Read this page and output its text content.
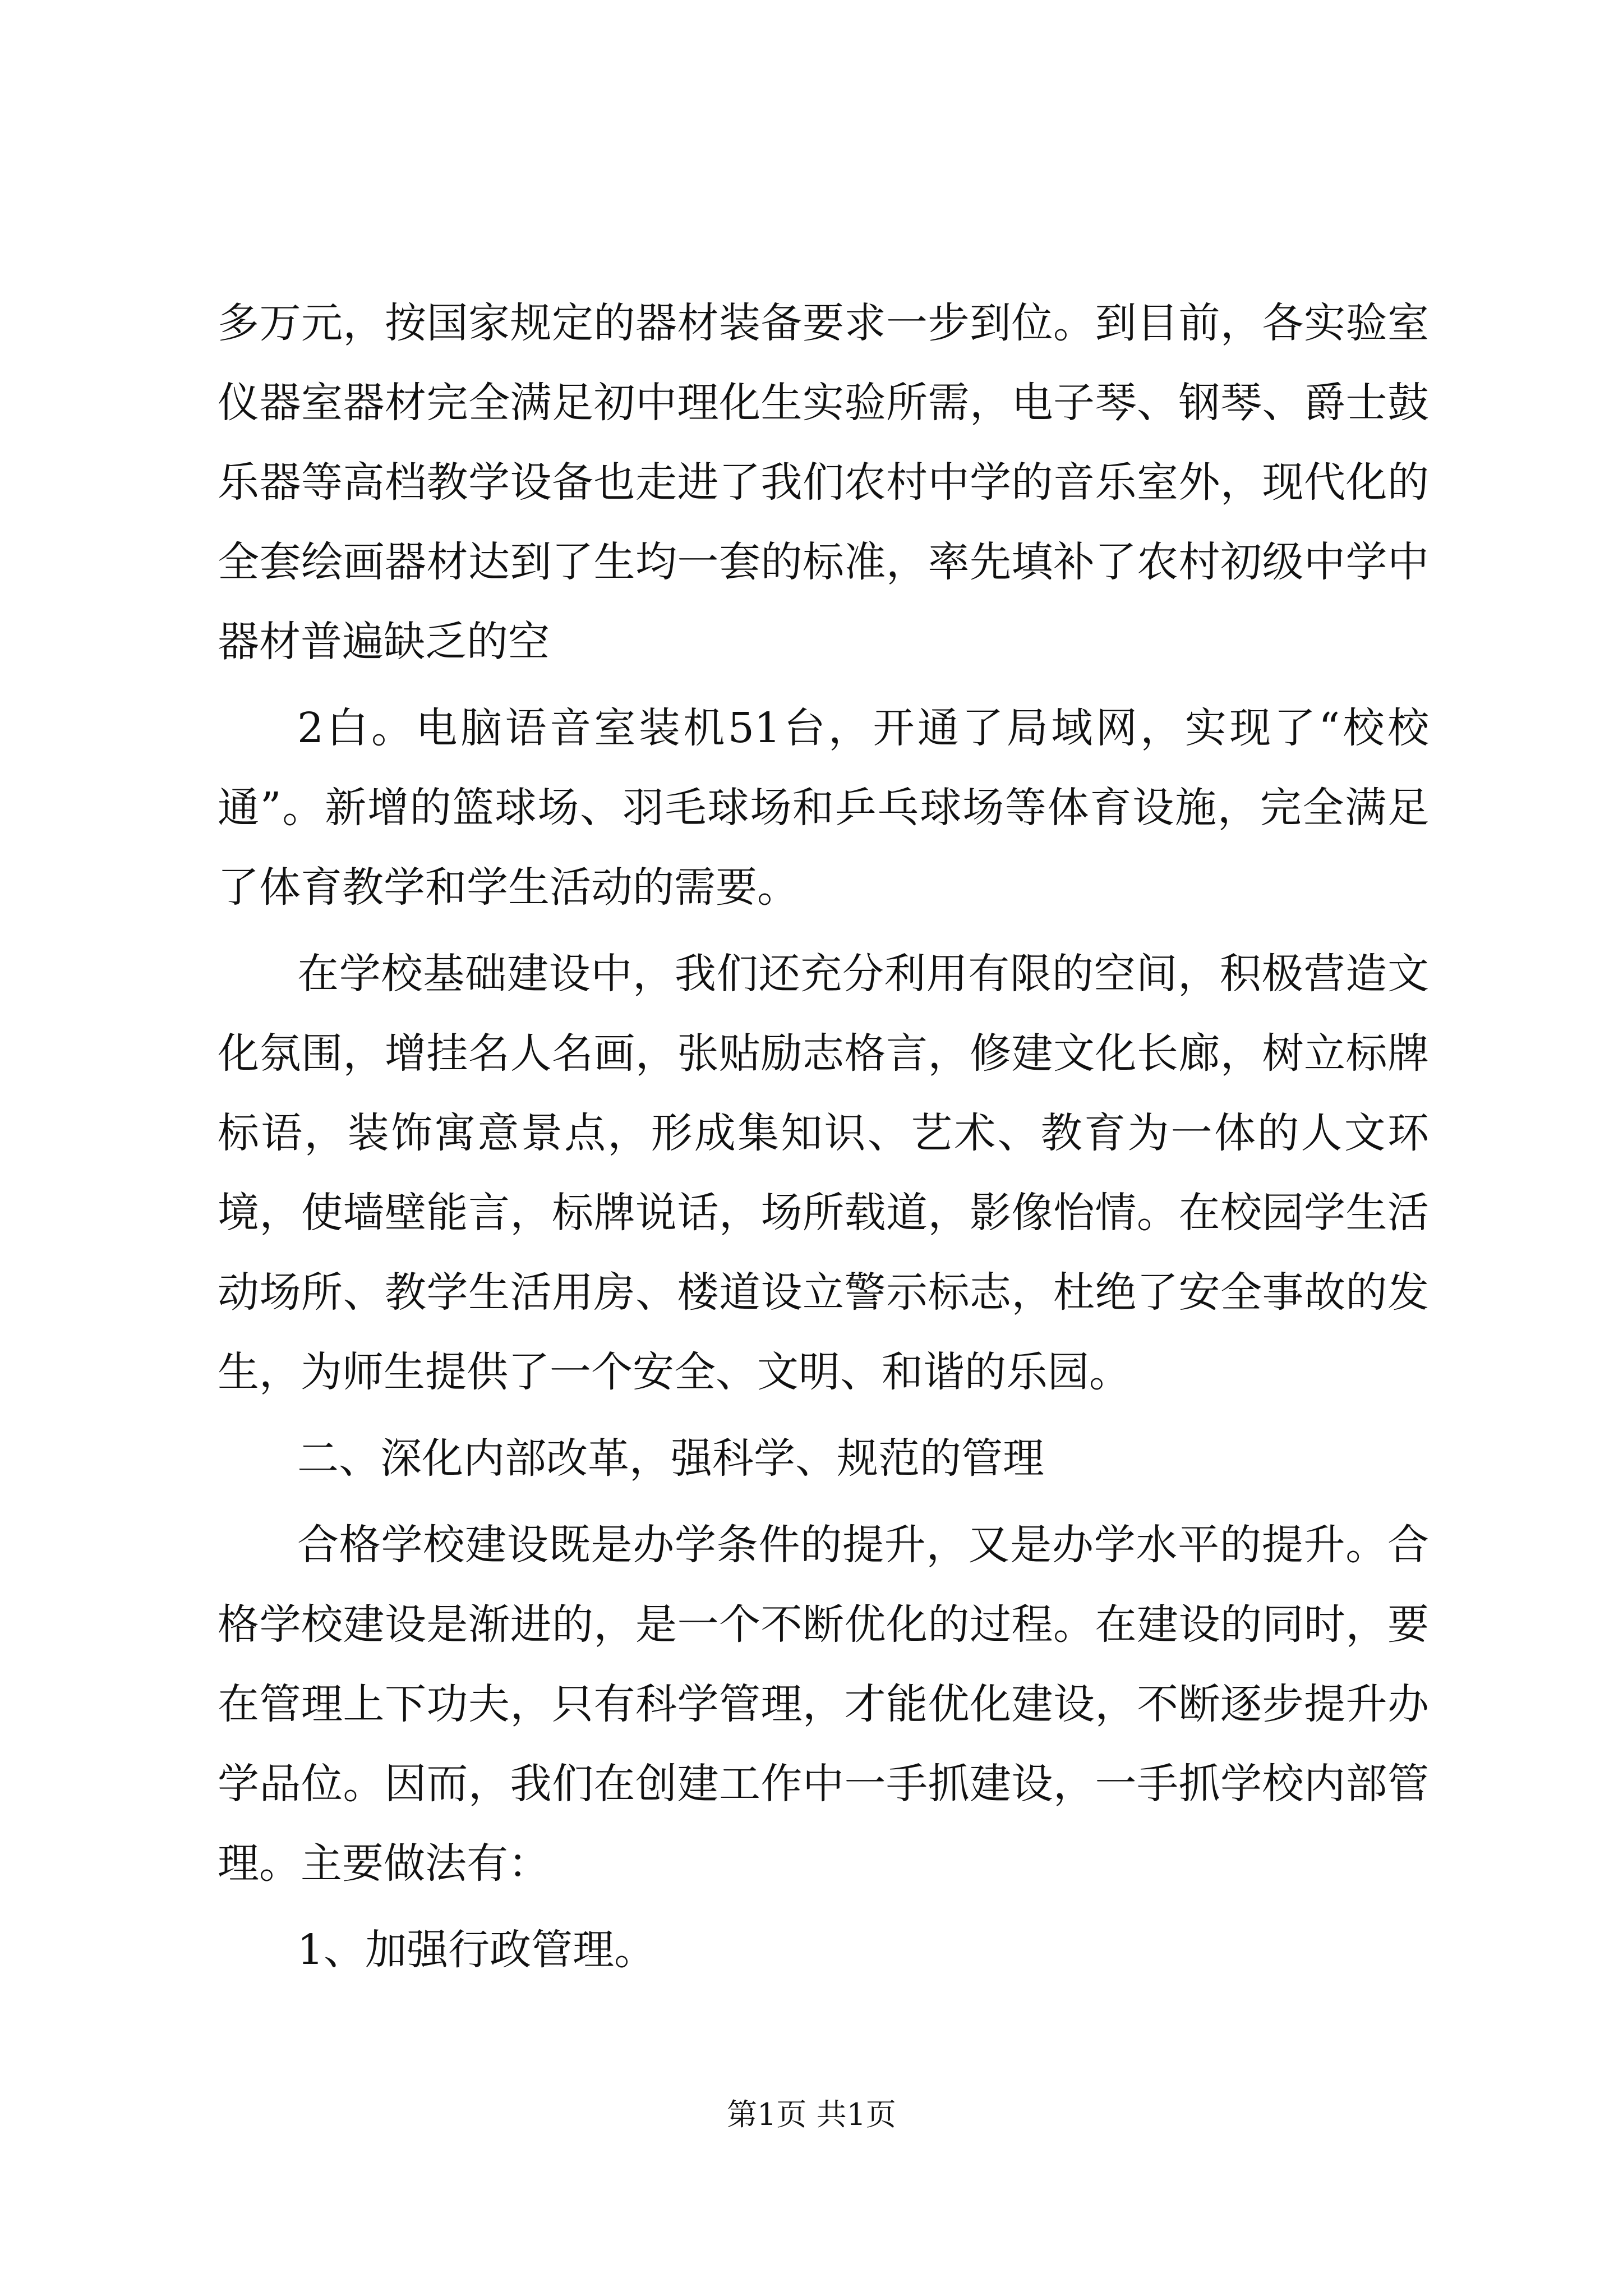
多万元，按国家规定的器材装备要求一步到位。到目前，各实验室仪器室器材完全满足初中理化生实验所需，电子琴、钢琴、爵士鼓乐器等高档教学设备也走进了我们农村中学的音乐室外，现代化的全套绘画器材达到了生均一套的标准，率先填补了农村初级中学中器材普遍缺乏的空

2白。电脑语音室装机51台，开通了局域网，实现了“校校通”。新增的篮球场、羽毛球场和乒乓球场等体育设施，完全满足了体育教学和学生活动的需要。

在学校基础建设中，我们还充分利用有限的空间，积极营造文化氛围，增挂名人名画，张贴励志格言，修建文化长廊，树立标牌标语，装饰寓意景点，形成集知识、艺术、教育为一体的人文环境，使墙壁能言，标牌说话，场所载道，影像怡情。在校园学生活动场所、教学生活用房、楼道设立警示标志，杜绝了安全事故的发生，为师生提供了一个安全、文明、和谐的乐园。

二、深化内部改革，强科学、规范的管理

合格学校建设既是办学条件的提升，又是办学水平的提升。合格学校建设是渐进的，是一个不断优化的过程。在建设的同时，要在管理上下功夫，只有科学管理，才能优化建设，不断逐步提升办学品位。因而，我们在创建工作中一手抓建设，一手抓学校内部管理。主要做法有：

1、加强行政管理。

第1页 共1页
